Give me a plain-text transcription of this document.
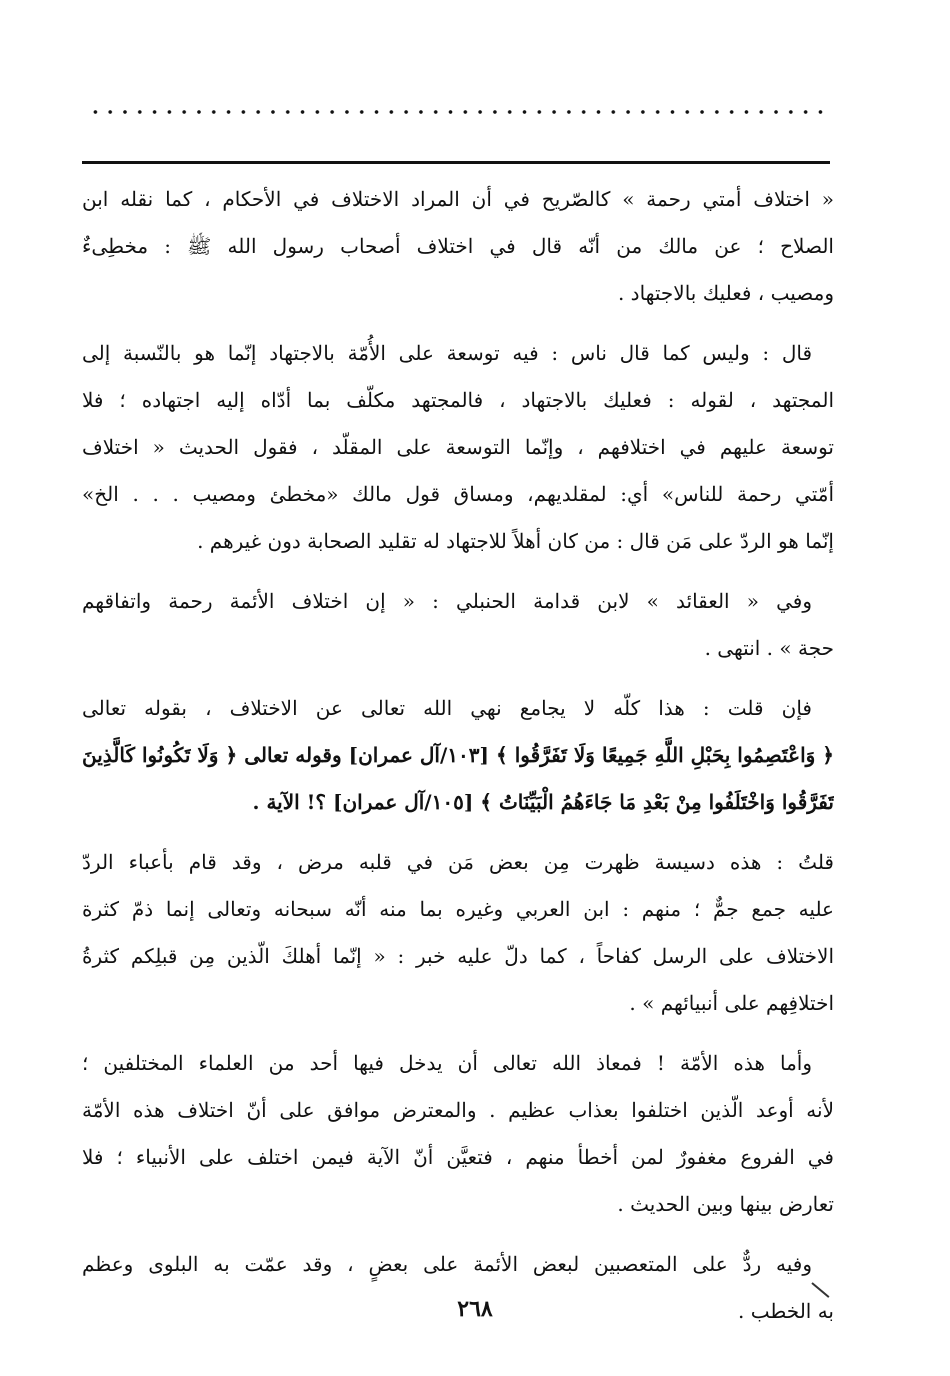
« اختلاف أمتي رحمة » كالصّريح في أن المراد الاختلاف في الأحكام ، كما نقله ابن
الصلاح ؛ عن مالك من أنّه قال في اختلاف أصحاب رسول الله ﷺ : مخطِىءٌ
ومصيب ، فعليك بالاجتهاد .

قال : وليس كما قال ناس : فيه توسعة على الأُمّة بالاجتهاد إنّما هو بالنّسبة إلى
المجتهد ، لقوله : فعليك بالاجتهاد ، فالمجتهد مكلّف بما أدّاه إليه اجتهاده ؛ فلا
توسعة عليهم في اختلافهم ، وإنّما التوسعة على المقلّد ، فقول الحديث « اختلاف
أمّتي رحمة للناس» أي: لمقلديهم، ومساق قول مالك «مخطئ ومصيب . . . الخ»
إنّما هو الردّ على مَن قال : من كان أهلاً للاجتهاد له تقليد الصحابة دون غيرهم .

وفي « العقائد » لابن قدامة الحنبلي : « إن اختلاف الأئمة رحمة واتفاقهم
حجة » . انتهى .

فإن قلت : هذا كلّه لا يجامع نهي الله تعالى عن الاختلاف ، بقوله تعالى
﴿ وَاعْتَصِمُوا بِحَبْلِ اللَّهِ جَمِيعًا وَلَا تَفَرَّقُوا ﴾ [١٠٣/آل عمران] وقوله تعالى ﴿ وَلَا تَكُونُوا كَالَّذِينَ
تَفَرَّقُوا وَاخْتَلَفُوا مِنْ بَعْدِ مَا جَاءَهُمُ الْبَيِّنَاتُ ﴾ [١٠٥/آل عمران] ؟! الآية .

قلتُ : هذه دسيسة ظهرت مِن بعض مَن في قلبه مرض ، وقد قام بأعباء الردّ
عليه جمع جمٌّ ؛ منهم : ابن العربي وغيره بما منه أنّه سبحانه وتعالى إنما ذمّ كثرة
الاختلاف على الرسل كفاحاً ، كما دلّ عليه خبر : « إنّما أهلكَ الّذين مِن قبلِكم كثرةُ
اختلافِهم على أنبيائهم » .

وأما هذه الأمّة ! فمعاذ الله تعالى أن يدخل فيها أحد من العلماء المختلفين ؛
لأنه أوعد الّذين اختلفوا بعذاب عظيم . والمعترض موافق على أنّ اختلاف هذه الأمّة
في الفروع مغفورٌ لمن أخطأ منهم ، فتعيَّن أنّ الآية فيمن اختلف على الأنبياء ؛ فلا
تعارض بينها وبين الحديث .

وفيه ردٌّ على المتعصبين لبعض الأئمة على بعضٍ ، وقد عمّت به البلوى وعظم
به الخطب .

٢٦٨
